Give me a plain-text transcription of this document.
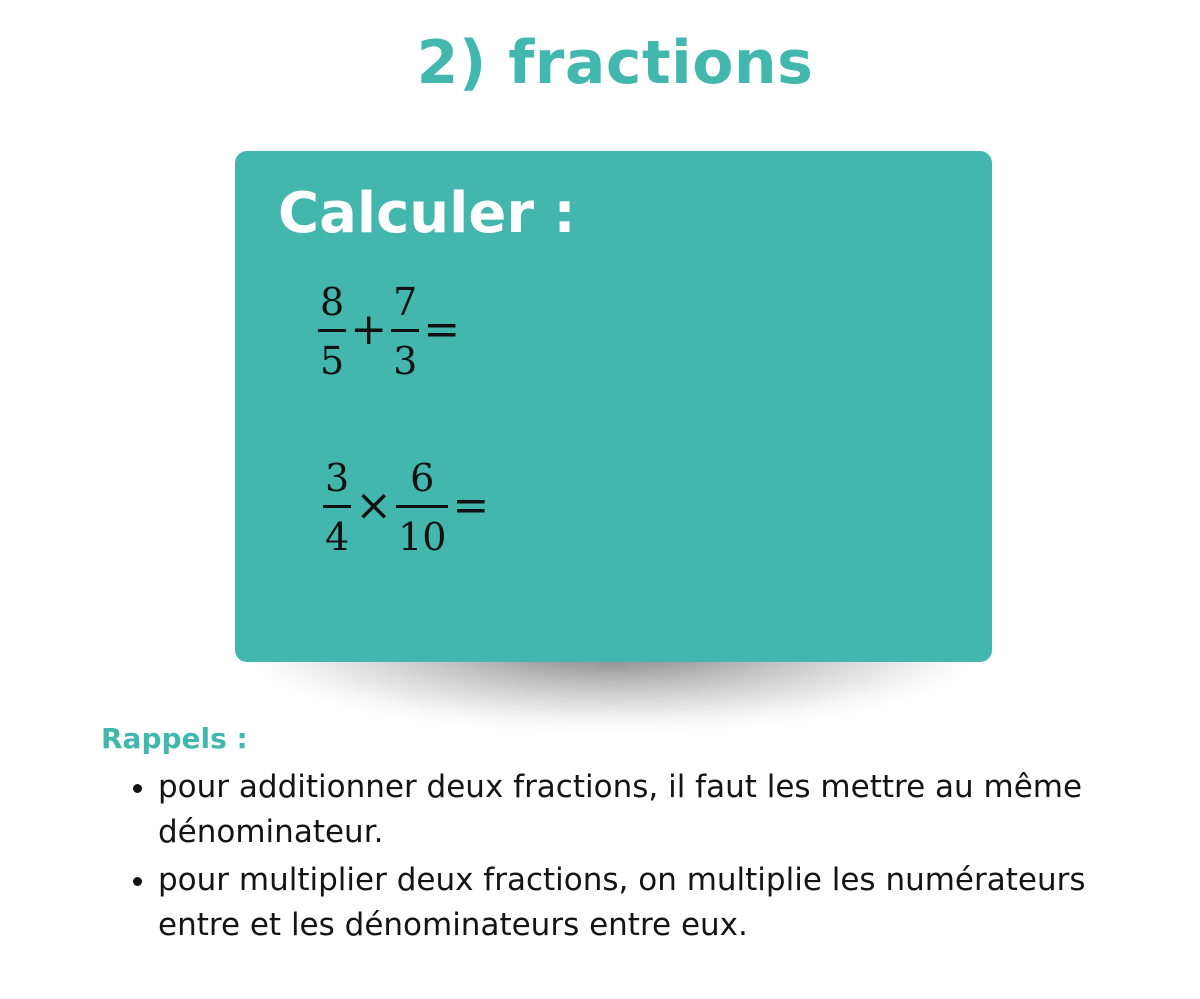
2) fractions
Calculer :
$\frac{8}{5} + \frac{7}{3}$ =
$\frac{3}{4} \times \frac{6}{10}$ =
Rappels :
• pour additionner deux fractions, il faut les mettre au même dénominateur.
• pour multiplier deux fractions, on multiplie les numérateurs entre et les dénominateurs entre eux.
